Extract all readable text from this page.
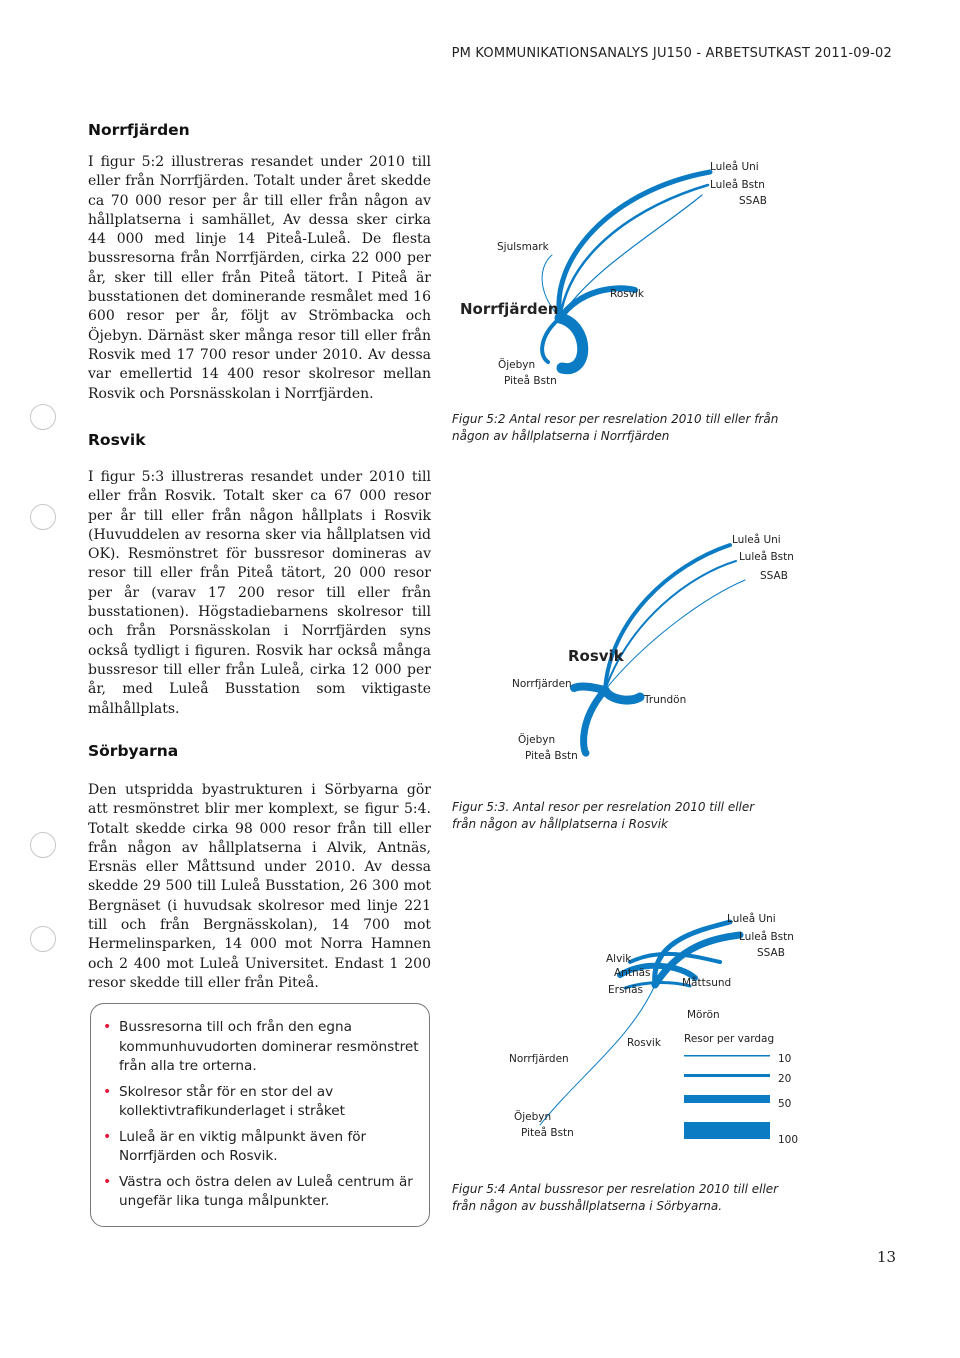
PM KOMMUNIKATIONSANALYS JU150 - ARBETSUTKAST 2011-09-02
Norrfjärden

I figur 5:2 illustreras resandet under 2010 till eller från Norrfjärden. Totalt under året skedde ca 70 000 resor per år till eller från någon av hållplatserna i samhället, Av dessa sker cirka 44 000 med linje 14 Piteå-Luleå. De flesta bussresorna från Norrfjärden, cirka 22 000 per år, sker till eller från Piteå tätort. I Piteå är busstationen det dominerande resmålet med 16 600 resor per år, följt av Strömbacka och Öjebyn. Därnäst sker många resor till eller från Rosvik med 17 700 resor under 2010. Av dessa var emellertid 14 400 resor skolresor mellan Rosvik och Porsnässkolan i Norrfjärden.

Rosvik

I figur 5:3 illustreras resandet under 2010 till eller från Rosvik. Totalt sker ca 67 000 resor per år till eller från någon hållplats i Rosvik (Huvuddelen av resorna sker via hållplatsen vid OK). Resmönstret för bussresor domineras av resor till eller från Piteå tätort, 20 000 resor per år (varav 17 200 resor till eller från busstationen). Högstadiebarnens skolresor till och från Porsnässkolan i Norrfjärden syns också tydligt i figuren. Rosvik har också många bussresor till eller från Luleå, cirka 12 000 per år, med Luleå Busstation som viktigaste målhållplats.

Sörbyarna

Den utspridda byastrukturen i Sörbyarna gör att resmönstret blir mer komplext, se figur 5:4. Totalt skedde cirka 98 000 resor från till eller från någon av hållplatserna i Alvik, Antnäs, Ersnäs eller Måttsund under 2010. Av dessa skedde 29 500 till Luleå Busstation, 26 300 mot Bergnäset (i huvudsak skolresor med linje 221 till och från Bergnässkolan), 14 700 mot Hermelinsparken, 14 000 mot Norra Hamnen och 2 400 mot Luleå Universitet. Endast 1 200 resor skedde till eller från Piteå.

• Bussresorna till och från den egna kommunhuvudorten dominerar resmönstret från alla tre orterna.
• Skolresor står för en stor del av kollektivtrafikunderlaget i stråket
• Luleå är en viktig målpunkt även för Norrfjärden och Rosvik.
• Västra och östra delen av Luleå centrum är ungefär lika tunga målpunkter.
Luleå Uni
Luleå Bstn
SSAB
Sjulsmark
Rosvik
Norrfjärden
Öjebyn
Piteå Bstn

Figur 5:2 Antal resor per resrelation 2010 till eller från någon av hållplatserna i Norrfjärden

Luleå Uni
Luleå Bstn
SSAB
Rosvik
Norrfjärden
Trundön
Öjebyn
Piteå Bstn

Figur 5:3. Antal resor per resrelation 2010 till eller från någon av hållplatserna i Rosvik

Luleå Uni
Luleå Bstn
SSAB
Alvik
Antnäs
Ersnäs
Måttsund
Mörön
Rosvik
Norrfjärden
Öjebyn
Piteå Bstn
Resor per vardag
10
20
50
100

Figur 5:4 Antal bussresor per resrelation 2010 till eller från någon av busshållplatserna i Sörbyarna.

13
